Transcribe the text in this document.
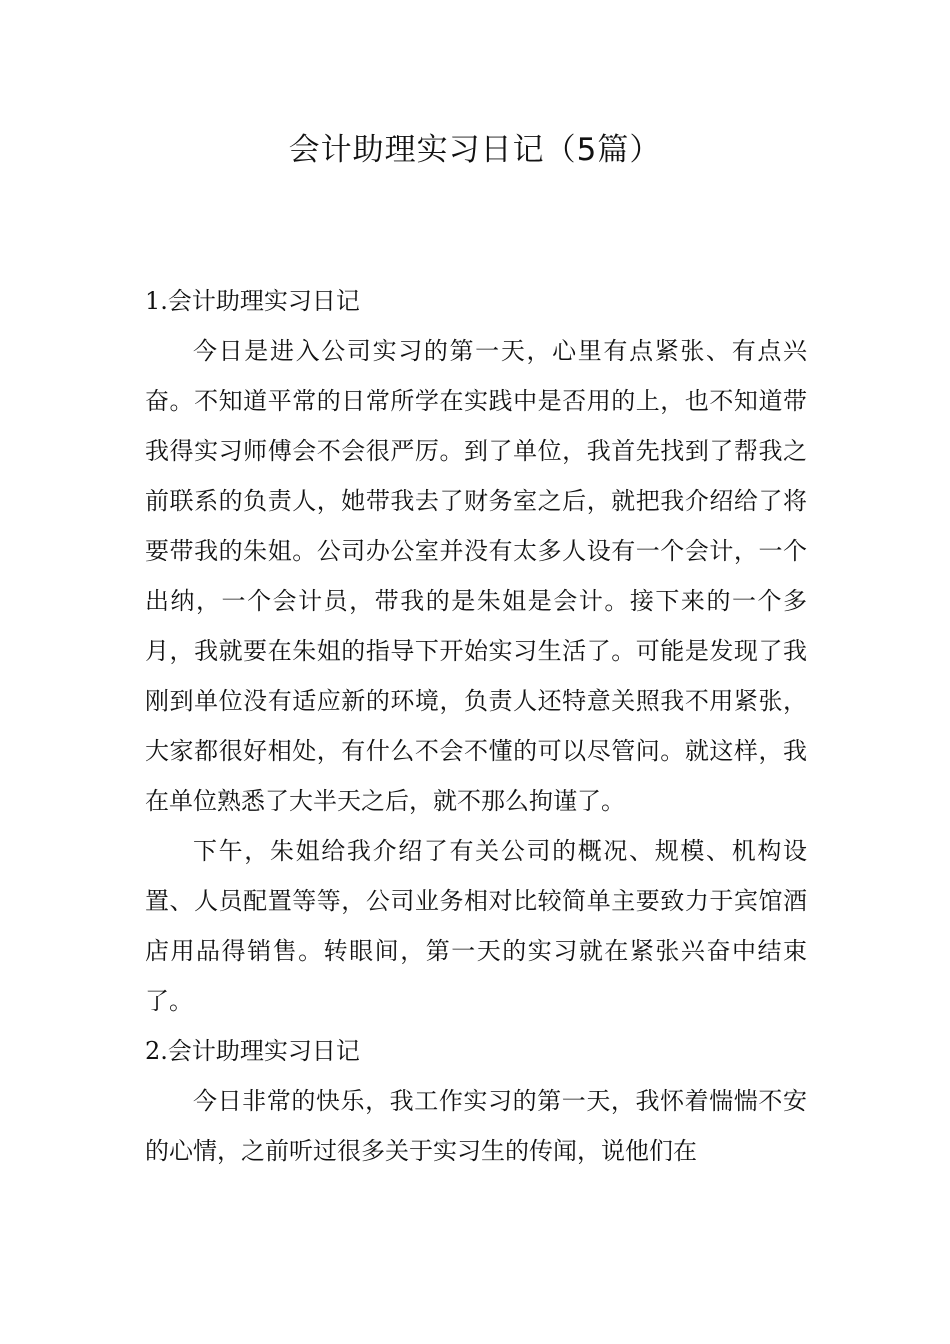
会计助理实习日记（5篇）
1.会计助理实习日记

今日是进入公司实习的第一天，心里有点紧张、有点兴奋。不知道平常的日常所学在实践中是否用的上，也不知道带我得实习师傅会不会很严厉。到了单位，我首先找到了帮我之前联系的负责人，她带我去了财务室之后，就把我介绍给了将要带我的朱姐。公司办公室并没有太多人设有一个会计，一个出纳，一个会计员，带我的是朱姐是会计。接下来的一个多月，我就要在朱姐的指导下开始实习生活了。可能是发现了我刚到单位没有适应新的环境，负责人还特意关照我不用紧张，大家都很好相处，有什么不会不懂的可以尽管问。就这样，我在单位熟悉了大半天之后，就不那么拘谨了。

下午，朱姐给我介绍了有关公司的概况、规模、机构设置、人员配置等等，公司业务相对比较简单主要致力于宾馆酒店用品得销售。转眼间，第一天的实习就在紧张兴奋中结束了。

2.会计助理实习日记

今日非常的快乐，我工作实习的第一天，我怀着惴惴不安的心情，之前听过很多关于实习生的传闻，说他们在
